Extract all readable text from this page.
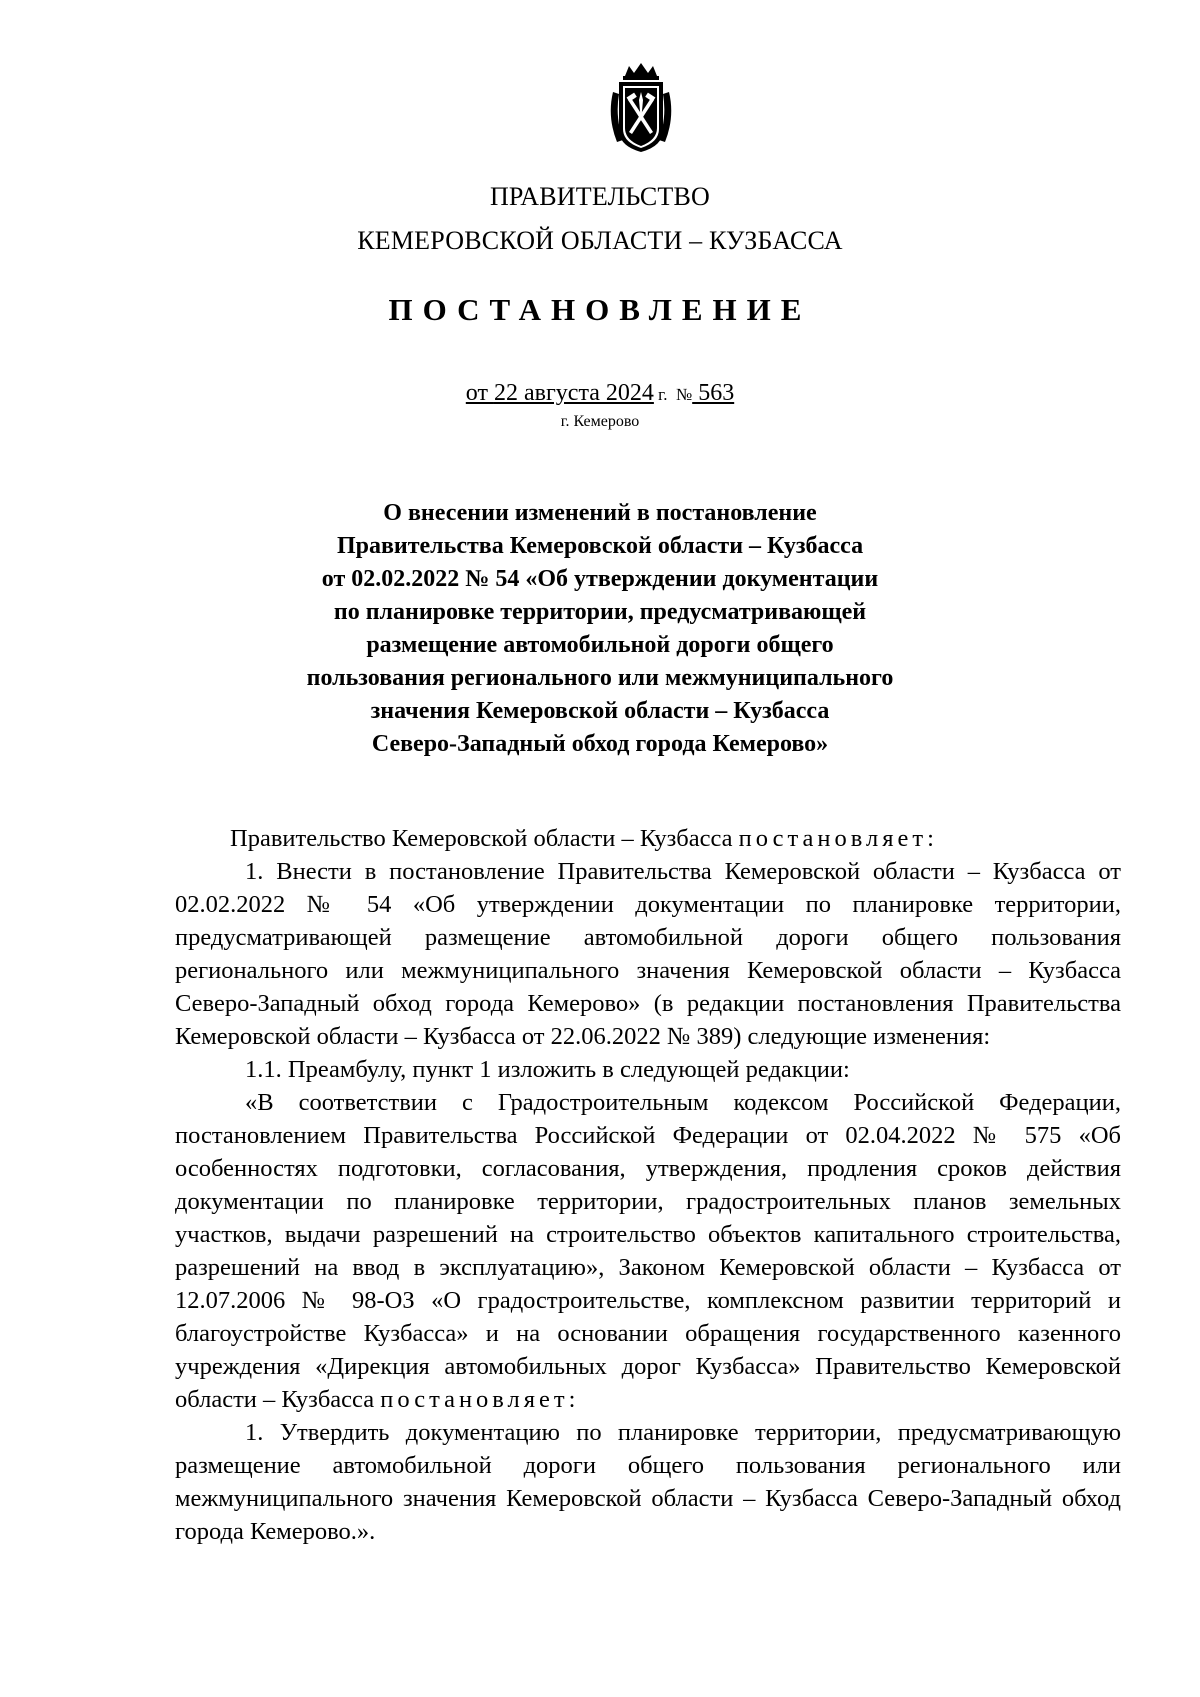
ПРАВИТЕЛЬСТВО
КЕМЕРОВСКОЙ ОБЛАСТИ – КУЗБАССА
ПОСТАНОВЛЕНИЕ
от 22 августа 2024 г.  № 563
г. Кемерово
О внесении изменений в постановление
Правительства Кемеровской области – Кузбасса
от 02.02.2022 № 54 «Об утверждении документации
по планировке территории, предусматривающей
размещение автомобильной дороги общего
пользования регионального или межмуниципального
значения Кемеровской области – Кузбасса
Северо-Западный обход города Кемерово»

Правительство Кемеровской области – Кузбасса постановляет:

1. Внести в постановление Правительства Кемеровской области – Кузбасса от 02.02.2022 № 54 «Об утверждении документации по планировке территории, предусматривающей размещение автомобильной дороги общего пользования регионального или межмуниципального значения Кемеровской области – Кузбасса Северо-Западный обход города Кемерово» (в редакции постановления Правительства Кемеровской области – Кузбасса от 22.06.2022 № 389) следующие изменения:

1.1. Преамбулу, пункт 1 изложить в следующей редакции:

«В соответствии с Градостроительным кодексом Российской Федерации, постановлением Правительства Российской Федерации от 02.04.2022 № 575 «Об особенностях подготовки, согласования, утверждения, продления сроков действия документации по планировке территории, градостроительных планов земельных участков, выдачи разрешений на строительство объектов капитального строительства, разрешений на ввод в эксплуатацию», Законом Кемеровской области – Кузбасса от 12.07.2006 № 98-ОЗ «О градостроительстве, комплексном развитии территорий и благоустройстве Кузбасса» и на основании обращения государственного казенного учреждения «Дирекция автомобильных дорог Кузбасса» Правительство Кемеровской области – Кузбасса постановляет:

1. Утвердить документацию по планировке территории, предусматривающую размещение автомобильной дороги общего пользования регионального или межмуниципального значения Кемеровской области – Кузбасса Северо-Западный обход города Кемерово.».
